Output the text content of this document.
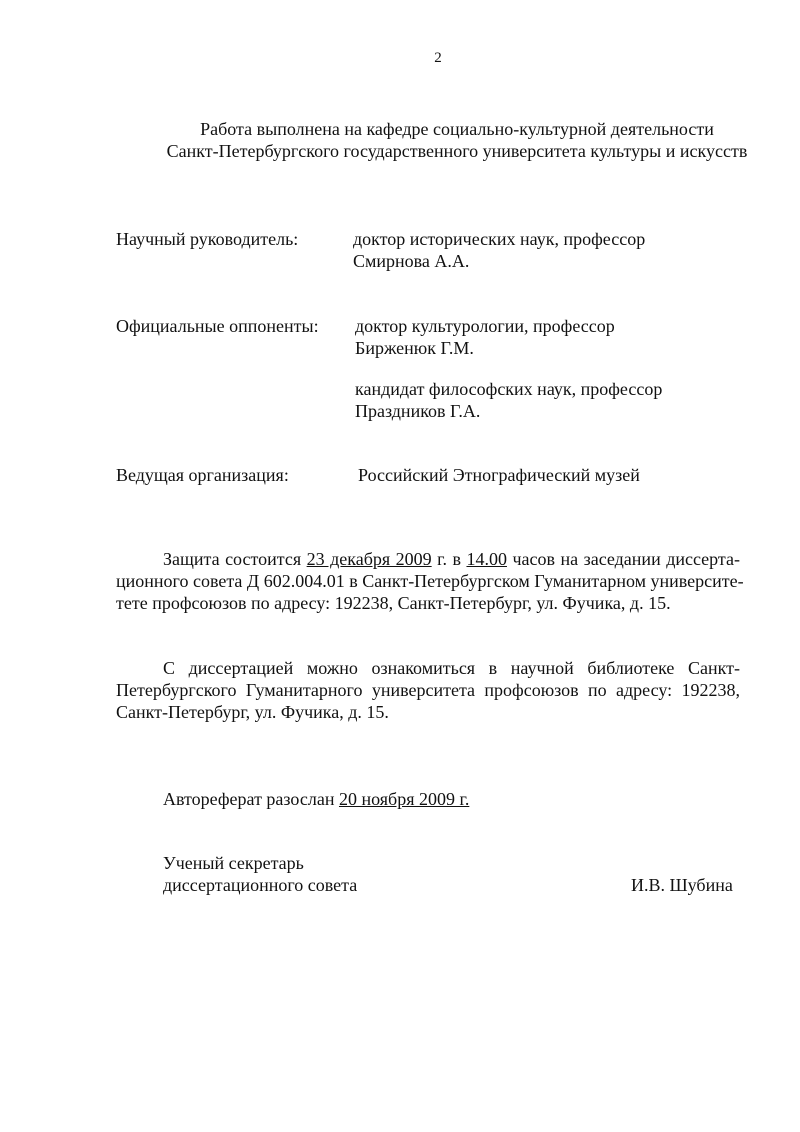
2
Работа выполнена на кафедре социально-культурной деятельности
Санкт-Петербургского государственного университета культуры и искусств
Научный руководитель:	доктор исторических наук, профессор
Смирнова А.А.
Официальные оппоненты: доктор культурологии, профессор
Бирженюк Г.М.
кандидат философских наук, профессор
Праздников Г.А.
Ведущая организация:	Российский Этнографический музей
Защита состоится 23 декабря 2009 г. в 14.00 часов на заседании диссерта-
ционного совета Д 602.004.01 в Санкт-Петербургском Гуманитарном университе-
тете профсоюзов по адресу: 192238, Санкт-Петербург, ул. Фучика, д. 15.
С диссертацией можно ознакомиться в научной библиотеке Санкт-
Петербургского Гуманитарного университета профсоюзов по адресу: 192238,
Санкт-Петербург, ул. Фучика, д. 15.
Автореферат разослан 20 ноября 2009 г.
Ученый секретарь
диссертационного совета	И.В. Шубина
